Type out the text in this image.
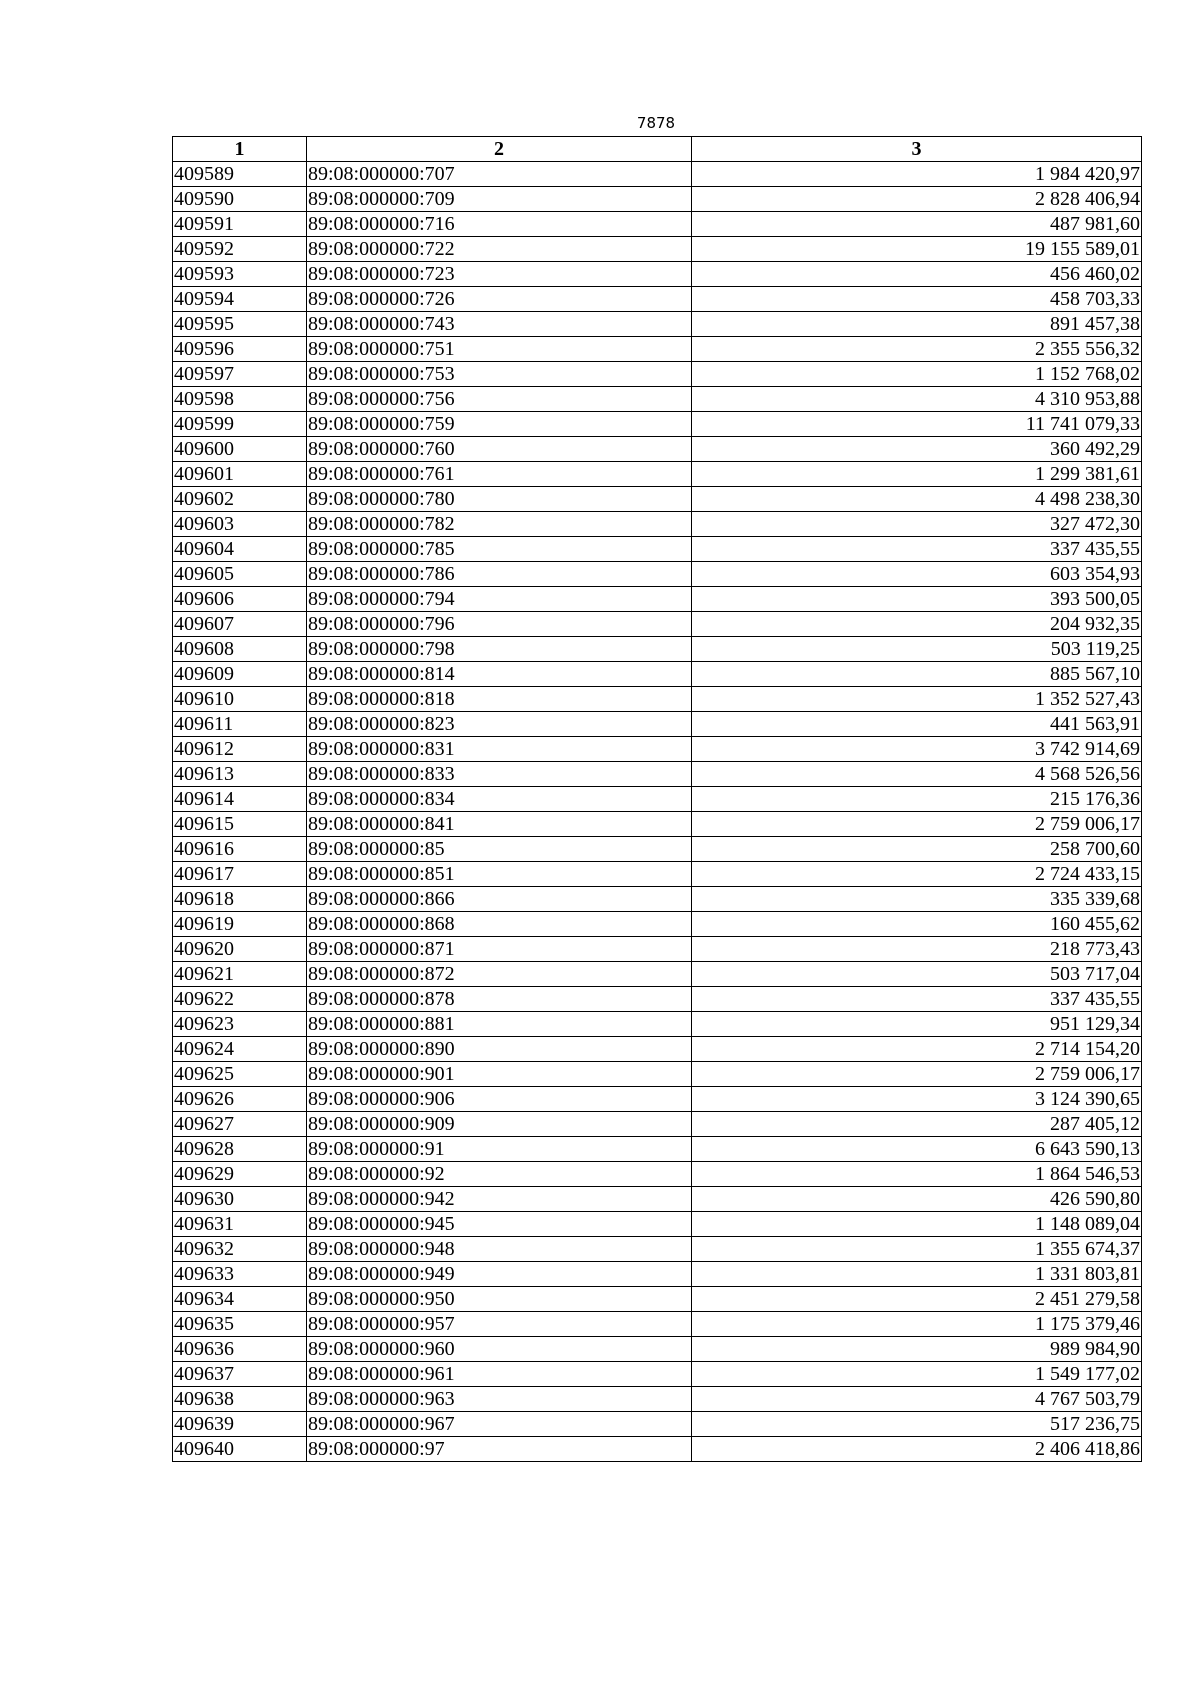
7878
1	2	3
409589	89:08:000000:707	1 984 420,97
409590	89:08:000000:709	2 828 406,94
409591	89:08:000000:716	487 981,60
409592	89:08:000000:722	19 155 589,01
409593	89:08:000000:723	456 460,02
409594	89:08:000000:726	458 703,33
409595	89:08:000000:743	891 457,38
409596	89:08:000000:751	2 355 556,32
409597	89:08:000000:753	1 152 768,02
409598	89:08:000000:756	4 310 953,88
409599	89:08:000000:759	11 741 079,33
409600	89:08:000000:760	360 492,29
409601	89:08:000000:761	1 299 381,61
409602	89:08:000000:780	4 498 238,30
409603	89:08:000000:782	327 472,30
409604	89:08:000000:785	337 435,55
409605	89:08:000000:786	603 354,93
409606	89:08:000000:794	393 500,05
409607	89:08:000000:796	204 932,35
409608	89:08:000000:798	503 119,25
409609	89:08:000000:814	885 567,10
409610	89:08:000000:818	1 352 527,43
409611	89:08:000000:823	441 563,91
409612	89:08:000000:831	3 742 914,69
409613	89:08:000000:833	4 568 526,56
409614	89:08:000000:834	215 176,36
409615	89:08:000000:841	2 759 006,17
409616	89:08:000000:85	258 700,60
409617	89:08:000000:851	2 724 433,15
409618	89:08:000000:866	335 339,68
409619	89:08:000000:868	160 455,62
409620	89:08:000000:871	218 773,43
409621	89:08:000000:872	503 717,04
409622	89:08:000000:878	337 435,55
409623	89:08:000000:881	951 129,34
409624	89:08:000000:890	2 714 154,20
409625	89:08:000000:901	2 759 006,17
409626	89:08:000000:906	3 124 390,65
409627	89:08:000000:909	287 405,12
409628	89:08:000000:91	6 643 590,13
409629	89:08:000000:92	1 864 546,53
409630	89:08:000000:942	426 590,80
409631	89:08:000000:945	1 148 089,04
409632	89:08:000000:948	1 355 674,37
409633	89:08:000000:949	1 331 803,81
409634	89:08:000000:950	2 451 279,58
409635	89:08:000000:957	1 175 379,46
409636	89:08:000000:960	989 984,90
409637	89:08:000000:961	1 549 177,02
409638	89:08:000000:963	4 767 503,79
409639	89:08:000000:967	517 236,75
409640	89:08:000000:97	2 406 418,86
